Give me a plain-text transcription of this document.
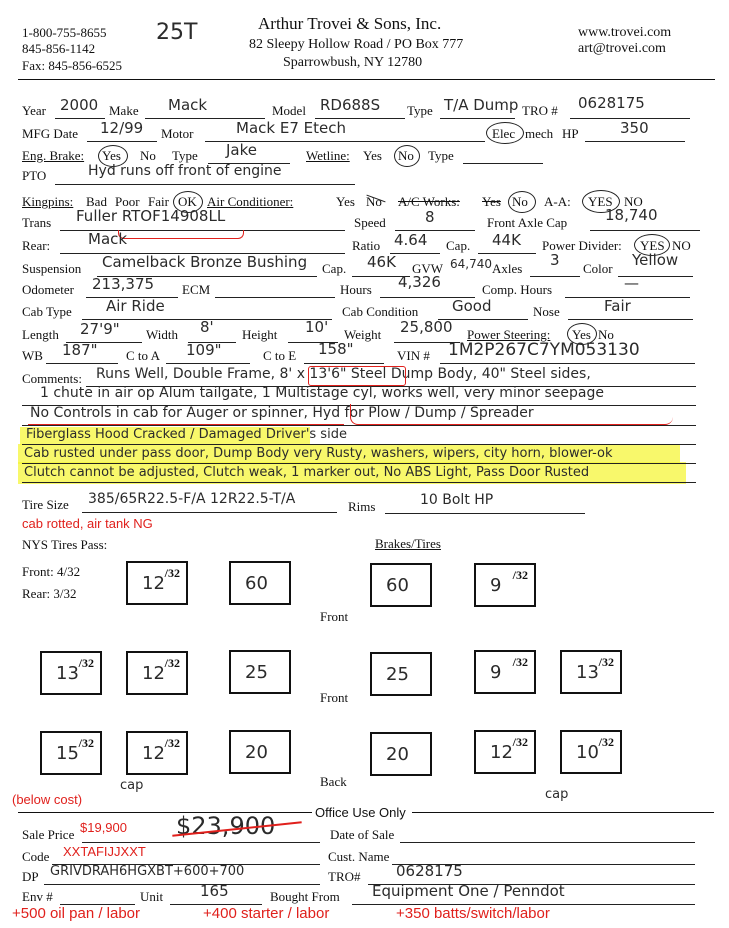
1-800-755-8655
845-856-1142
Fax: 845-856-6525
25T	Arthur Trovei & Sons, Inc.
82 Sleepy Hollow Road / PO Box 777
Sparrowbush, NY 12780
www.trovei.com
art@trovei.com
Year 2000 Make Mack	Model RD688S Type T/A Dump TRO # 0628175
MFG Date 12/99 Motor	Mack E7 Etech	Elec mech HP	350
Eng. Brake: Yes No Type Jake	Wetline: Yes No Type
PTO	Hyd runs off front of engine
Kingpins: Bad Poor Fair OK Air Conditioner:	Yes No A/C Works: Yes No A-A: YES NO
Trans Fuller RTOF14908LL	Speed	8	Front Axle Cap	18,740
Rear:	Mack	Ratio 4.64 Cap. 44K Power Divider: YES NO
Suspension Camelback Bronze Bushing Cap. 46K GVW 64,740 Axles 3 Color Yellow
Odometer 213,375 ECM	Hours 4,326	Comp. Hours	—
Cab Type Air Ride	Cab Condition Good	Nose	Fair
Length 27'9" Width 8' Height 10' Weight 25,800 Power Steering: Yes No
WB 187" C to A 109"	C to E 158"	VIN # 1M2P267C7YM053130
Comments: Runs Well, Double Frame, 8' x 13'6" Steel Dump Body, 40" Steel sides,
1 chute in air op Alum tailgate, 1 Multistage cyl, works well, very minor seepage
No Controls in cab for Auger or spinner, Hyd for Plow / Dump / Spreader
Fiberglass Hood Cracked / Damaged Driver's side
Cab rusted under pass door, Dump Body very Rusty, washers, wipers, city horn, blower-ok
Clutch cannot be adjusted, Clutch weak, 1 marker out, No ABS Light, Pass Door Rusted
Tire Size 385/65R22.5-F/A 12R22.5-T/A	Rims	10 Bolt HP
cab rotted, air tank NG
NYS Tires Pass:	Brakes/Tires
Front: 4/32
Rear: 3/32	12 /32	60	60	9 /32
Front
13 /32	12 /32	25	25	9 /32	13 /32
Front
15 /32	12 /32	20	20	12 /32	10 /32
Back
cap
cap
(below cost)
Office Use Only
Sale Price $19,900 $23,900	Date of Sale
Code XXTAFIJJXXT	Cust. Name
DP GRIVDRAH6HGXBT+600+700	TRO# 0628175
Env #	Unit 165	Bought From Equipment One / Penndot
+500 oil pan / labor	+400 starter / labor	+350 batts/switch/labor
